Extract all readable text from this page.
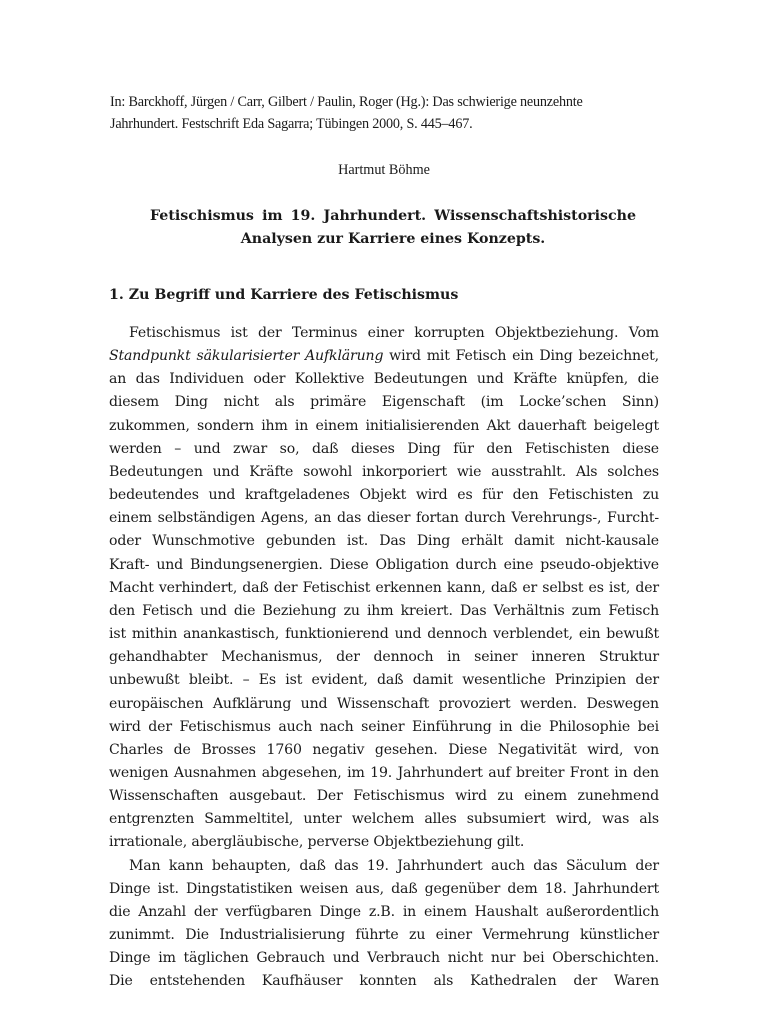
In: Barckhoff, Jürgen / Carr, Gilbert / Paulin, Roger (Hg.): Das schwierige neunzehnte
Jahrhundert. Festschrift Eda Sagarra; Tübingen 2000, S. 445–467.
Hartmut Böhme
Fetischismus im 19. Jahrhundert. Wissenschaftshistorische
Analysen zur Karriere eines Konzepts.
1. Zu Begriff und Karriere des Fetischismus
Fetischismus ist der Terminus einer korrupten Objektbeziehung. Vom
Standpunkt säkularisierter Aufklärung wird mit Fetisch ein Ding bezeichnet,
an das Individuen oder Kollektive Bedeutungen und Kräfte knüpfen, die
diesem Ding nicht als primäre Eigenschaft (im Locke’schen Sinn)
zukommen, sondern ihm in einem initialisierenden Akt dauerhaft beigelegt
werden – und zwar so, daß dieses Ding für den Fetischisten diese
Bedeutungen und Kräfte sowohl inkorporiert wie ausstrahlt. Als solches
bedeutendes und kraftgeladenes Objekt wird es für den Fetischisten zu
einem selbständigen Agens, an das dieser fortan durch Verehrungs-, Furcht-
oder Wunschmotive gebunden ist. Das Ding erhält damit nicht-kausale
Kraft- und Bindungsenergien. Diese Obligation durch eine pseudo-objektive
Macht verhindert, daß der Fetischist erkennen kann, daß er selbst es ist, der
den Fetisch und die Beziehung zu ihm kreiert. Das Verhältnis zum Fetisch
ist mithin anankastisch, funktionierend und dennoch verblendet, ein bewußt
gehandhabter Mechanismus, der dennoch in seiner inneren Struktur
unbewußt bleibt. – Es ist evident, daß damit wesentliche Prinzipien der
europäischen Aufklärung und Wissenschaft provoziert werden. Deswegen
wird der Fetischismus auch nach seiner Einführung in die Philosophie bei
Charles de Brosses 1760 negativ gesehen. Diese Negativität wird, von
wenigen Ausnahmen abgesehen, im 19. Jahrhundert auf breiter Front in den
Wissenschaften ausgebaut. Der Fetischismus wird zu einem zunehmend
entgrenzten Sammeltitel, unter welchem alles subsumiert wird, was als
irrationale, abergläubische, perverse Objektbeziehung gilt.
Man kann behaupten, daß das 19. Jahrhundert auch das Säculum der
Dinge ist. Dingstatistiken weisen aus, daß gegenüber dem 18. Jahrhundert
die Anzahl der verfügbaren Dinge z.B. in einem Haushalt außerordentlich
zunimmt. Die Industrialisierung führte zu einer Vermehrung künstlicher
Dinge im täglichen Gebrauch und Verbrauch nicht nur bei Oberschichten.
Die entstehenden Kaufhäuser konnten als Kathedralen der Waren
